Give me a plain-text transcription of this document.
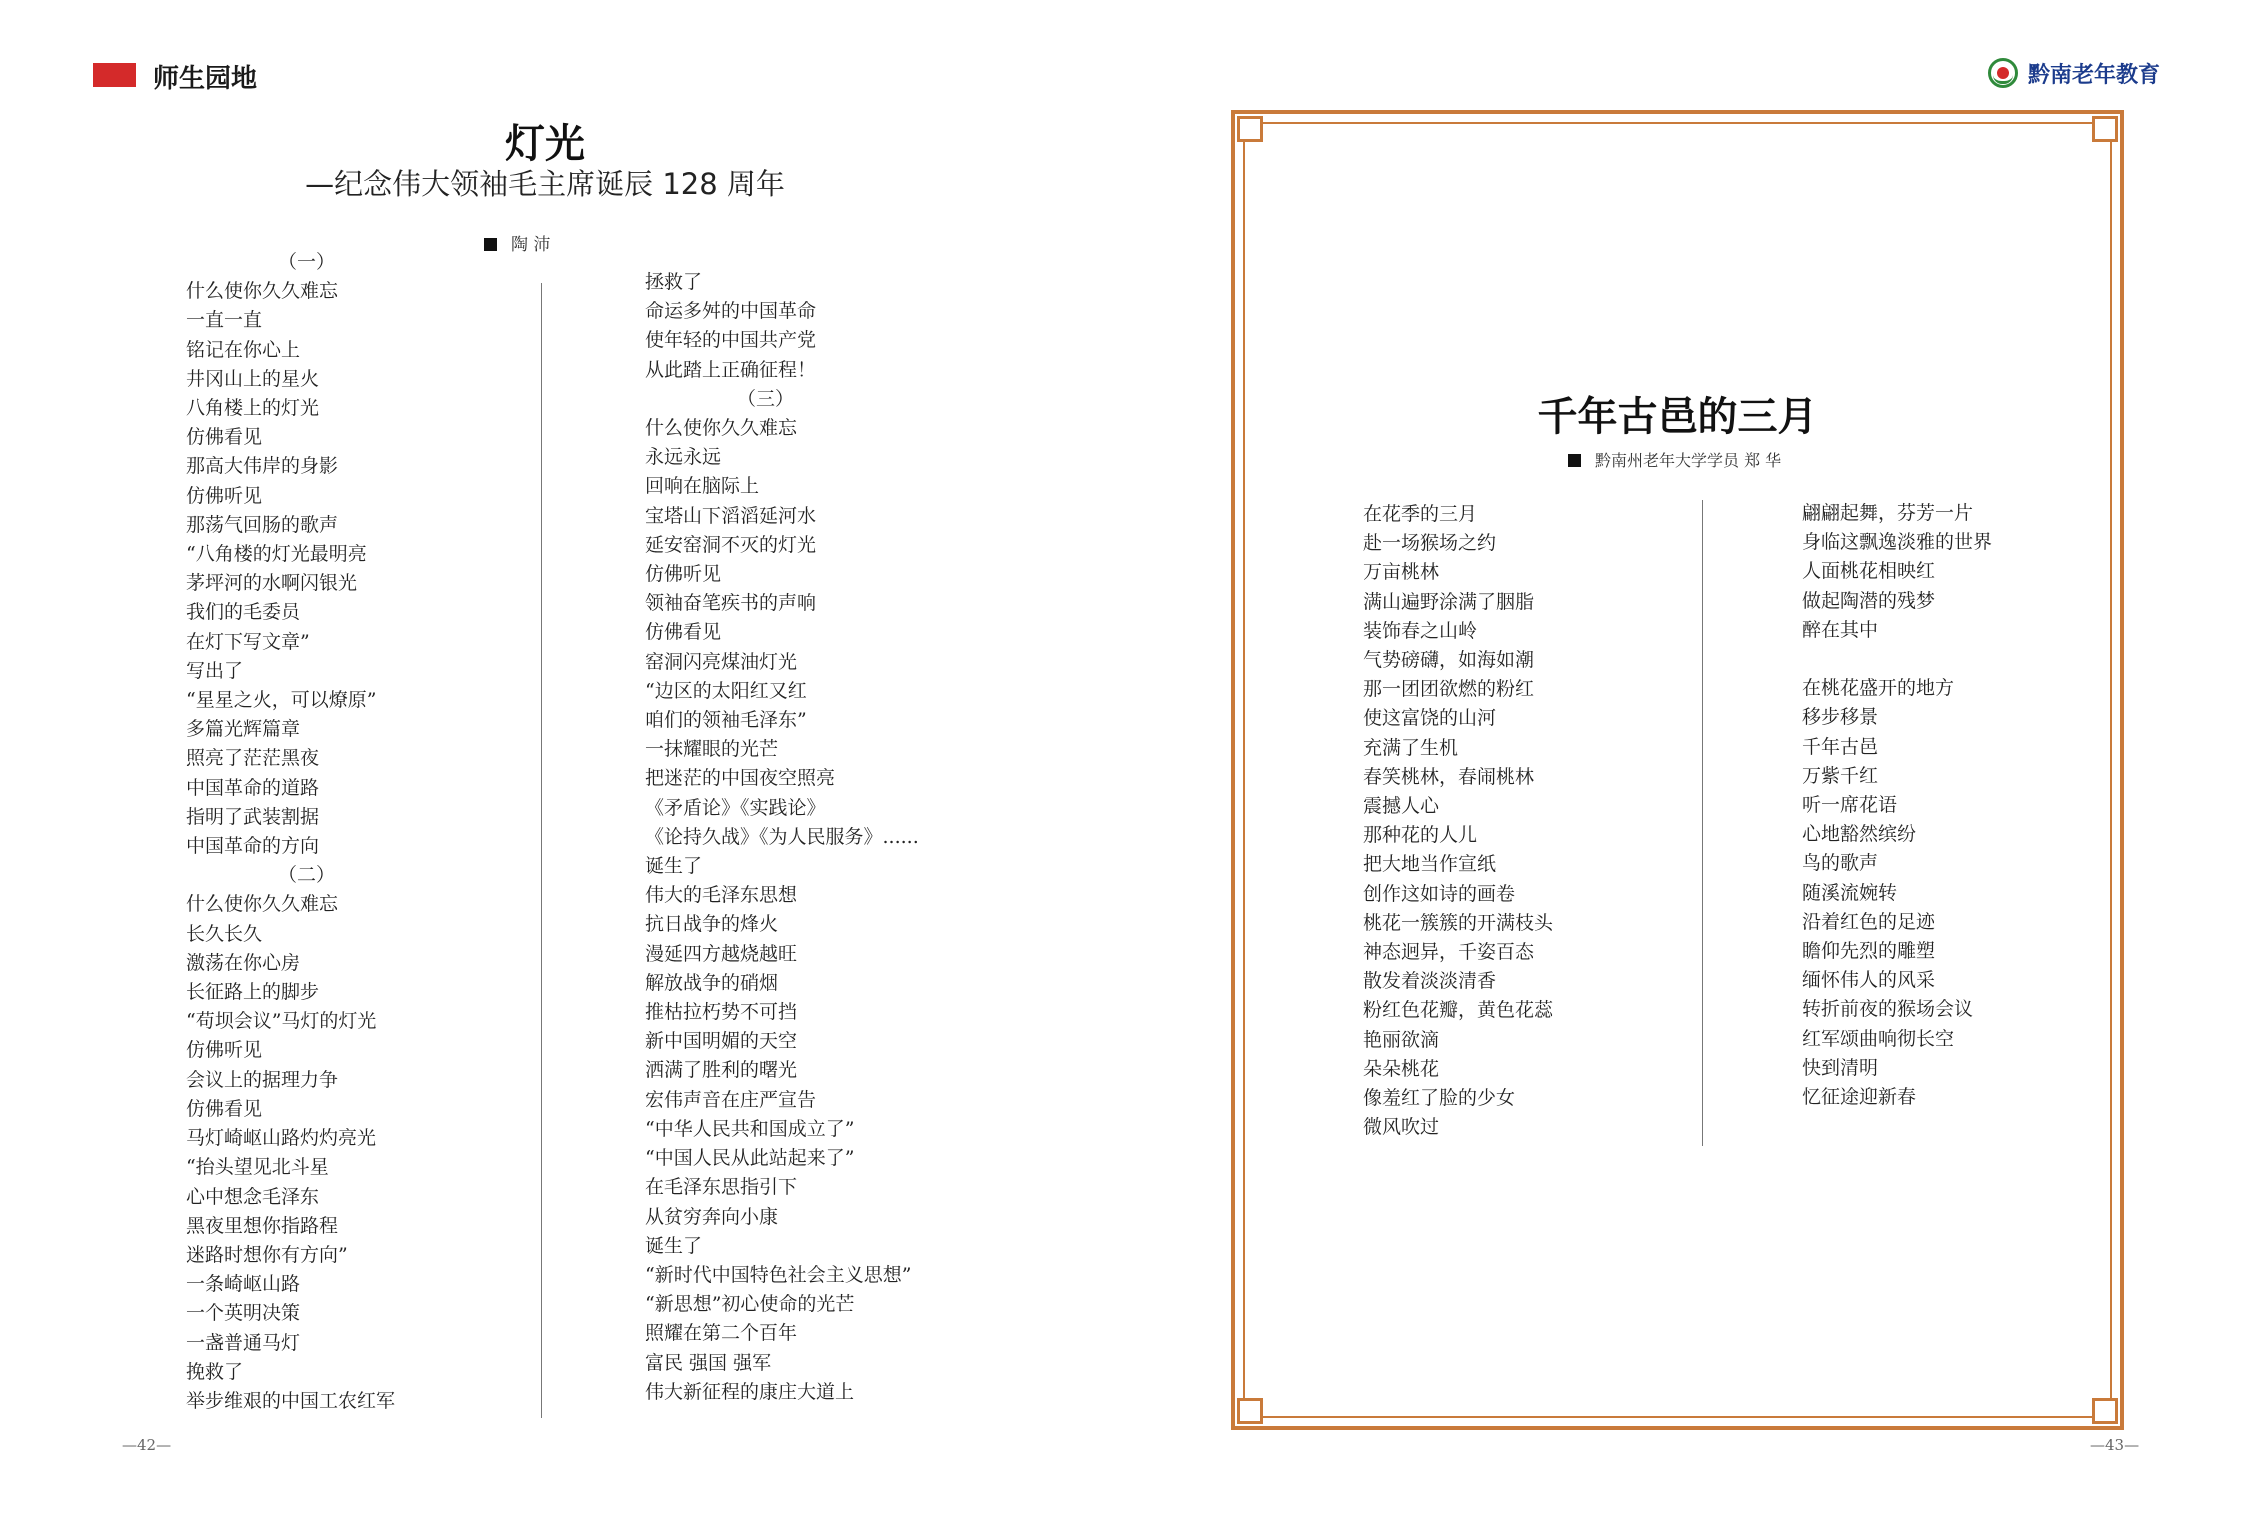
师生园地	黔南老年教育
灯光
—纪念伟大领袖毛主席诞辰 128 周年
陶 沛
（一）
什么使你久久难忘
一直一直
铭记在你心上
井冈山上的星火
八角楼上的灯光
仿佛看见
那高大伟岸的身影
仿佛听见
那荡气回肠的歌声
“八角楼的灯光最明亮
茅坪河的水啊闪银光
我们的毛委员
在灯下写文章”
写出了
“星星之火，可以燎原”
多篇光辉篇章
照亮了茫茫黑夜
中国革命的道路
指明了武装割据
中国革命的方向
（二）
什么使你久久难忘
长久长久
激荡在你心房
长征路上的脚步
“苟坝会议”马灯的灯光
仿佛听见
会议上的据理力争
仿佛看见
马灯崎岖山路灼灼亮光
“抬头望见北斗星
心中想念毛泽东
黑夜里想你指路程
迷路时想你有方向”
一条崎岖山路
一个英明决策
一盏普通马灯
挽救了
举步维艰的中国工农红军
拯救了
命运多舛的中国革命
使年轻的中国共产党
从此踏上正确征程！
（三）
什么使你久久难忘
永远永远
回响在脑际上
宝塔山下滔滔延河水
延安窑洞不灭的灯光
仿佛听见
领袖奋笔疾书的声响
仿佛看见
窑洞闪亮煤油灯光
“边区的太阳红又红
咱们的领袖毛泽东”
一抹耀眼的光芒
把迷茫的中国夜空照亮
《矛盾论》《实践论》
《论持久战》《为人民服务》......
诞生了
伟大的毛泽东思想
抗日战争的烽火
漫延四方越烧越旺
解放战争的硝烟
推枯拉朽势不可挡
新中国明媚的天空
洒满了胜利的曙光
宏伟声音在庄严宣告
“中华人民共和国成立了”
“中国人民从此站起来了”
在毛泽东思指引下
从贫穷奔向小康
诞生了
“新时代中国特色社会主义思想”
“新思想”初心使命的光芒
照耀在第二个百年
富民 强国 强军
伟大新征程的康庄大道上
千年古邑的三月
黔南州老年大学学员 郑 华
在花季的三月
赴一场猴场之约
万亩桃林
满山遍野涂满了胭脂
装饰春之山岭
气势磅礴，如海如潮
那一团团欲燃的粉红
使这富饶的山河
充满了生机
春笑桃林，春闹桃林
震撼人心
那种花的人儿
把大地当作宣纸
创作这如诗的画卷
桃花一簇簇的开满枝头
神态迥异，千姿百态
散发着淡淡清香
粉红色花瓣，黄色花蕊
艳丽欲滴
朵朵桃花
像羞红了脸的少女
微风吹过
翩翩起舞，芬芳一片
身临这飘逸淡雅的世界
人面桃花相映红
做起陶潜的残梦
醉在其中

在桃花盛开的地方
移步移景
千年古邑
万紫千红
听一席花语
心地豁然缤纷
鸟的歌声
随溪流婉转
沿着红色的足迹
瞻仰先烈的雕塑
缅怀伟人的风采
转折前夜的猴场会议
红军颂曲响彻长空
快到清明
忆征途迎新春
—42—	—43—
